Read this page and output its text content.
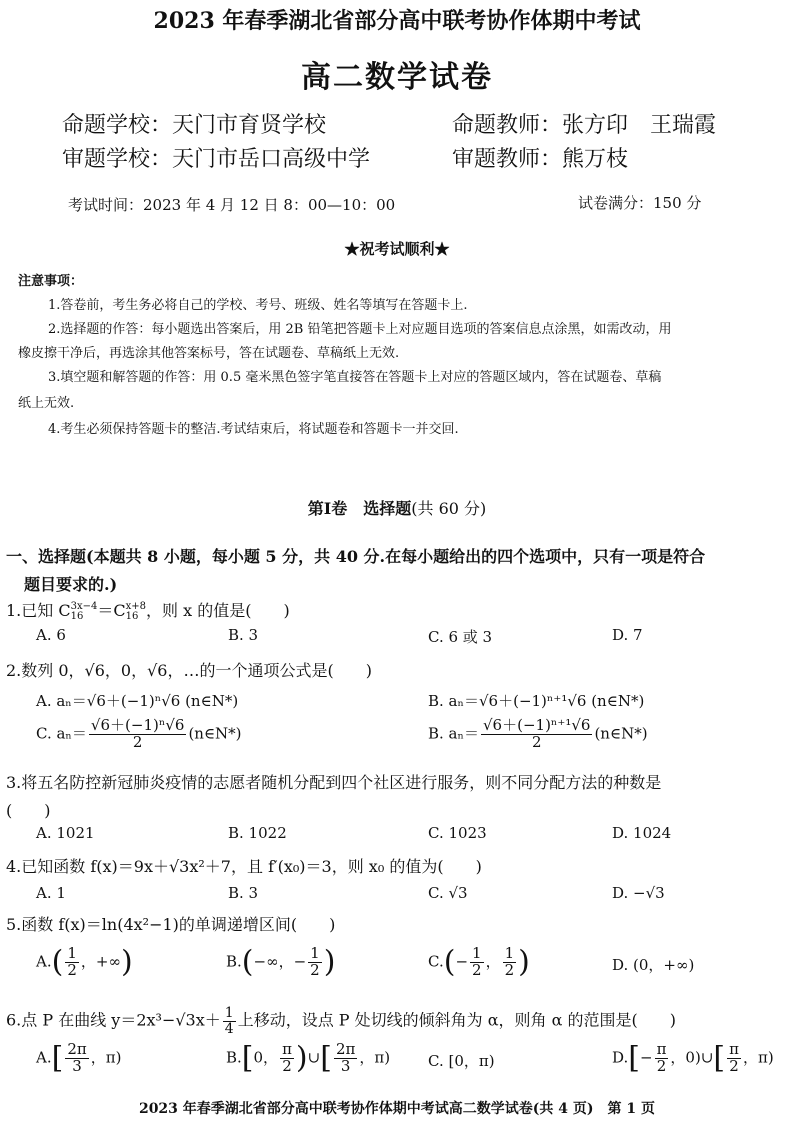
2023 年春季湖北省部分高中联考协作体期中考试
高二数学试卷
命题学校：天门市育贤学校	命题教师：张方印　王瑞霞
审题学校：天门市岳口高级中学	审题教师：熊万枝
考试时间：2023 年 4 月 12 日 8：00—10：00	试卷满分：150 分
★祝考试顺利★
注意事项：
1.答卷前，考生务必将自己的学校、考号、班级、姓名等填写在答题卡上.
2.选择题的作答：每小题选出答案后，用 2B 铅笔把答题卡上对应题目选项的答案信息点涂黑，如需改动，用
橡皮擦干净后，再选涂其他答案标号，答在试题卷、草稿纸上无效.
3.填空题和解答题的作答：用 0.5 毫米黑色签字笔直接答在答题卡上对应的答题区域内，答在试题卷、草稿
纸上无效.
4.考生必须保持答题卡的整洁.考试结束后，将试题卷和答题卡一并交回.
第Ⅰ卷　选择题(共 60 分)
一、选择题(本题共 8 小题，每小题 5 分，共 40 分.在每小题给出的四个选项中，只有一项是符合
题目要求的.)
1.已知 C 3x−4
16 ＝C x+8
16 ，则 x 的值是(　　)
A. 6	B. 3	C. 6 或 3	D. 7
2.数列 0，√6，0，√6，…的一个通项公式是(　　)
A. aₙ＝√6＋(−1)ⁿ√6 (n∈N*)	B. aₙ＝√6＋(−1)ⁿ⁺¹√6 (n∈N*)
C. $a_n= \frac{\text{√6＋(−1)ⁿ√6}}{2}$ (n∈N*)	B. $a_n= \frac{\text{√6＋(−1)ⁿ⁺¹√6}}{2}$ (n∈N*)
3.将五名防控新冠肺炎疫情的志愿者随机分配到四个社区进行服务，则不同分配方法的种数是
(　　)
A. 1021	B. 1022	C. 1023	D. 1024
4.已知函数 f(x)＝9x＋√3x²＋7，且 f′(x₀)＝3，则 x₀ 的值为(　　)
A. 1	B. 3	C. √3	D. −√3
5.函数 f(x)＝ln(4x²−1)的单调递增区间(　　)
$A.( \frac{1}{2}$ ，+∞)	B.(−∞，− $\frac{1}{2}$ )	$C.(- \frac{1}{2}$ ， $\frac{1}{2}$ )	D. (0，+∞)
6.点 P 在曲线 $y=2x^3-√3x+ \frac{1}{4}$ 上移动，设点 P 处切线的倾斜角为 α，则角 α 的范围是(　　)
$A.[ \frac{2\pi}{3}$ ，π)	B.[0， $\frac{\pi}{2}$ )∪[ $\frac{2\pi}{3}$ ，π)	C. [0，π)	$D.[- \frac{\pi}{2}$ ，0)∪[ $\frac{\pi}{2}$ ，π)
2023 年春季湖北省部分高中联考协作体期中考试高二数学试卷(共 4 页)　第 1 页
